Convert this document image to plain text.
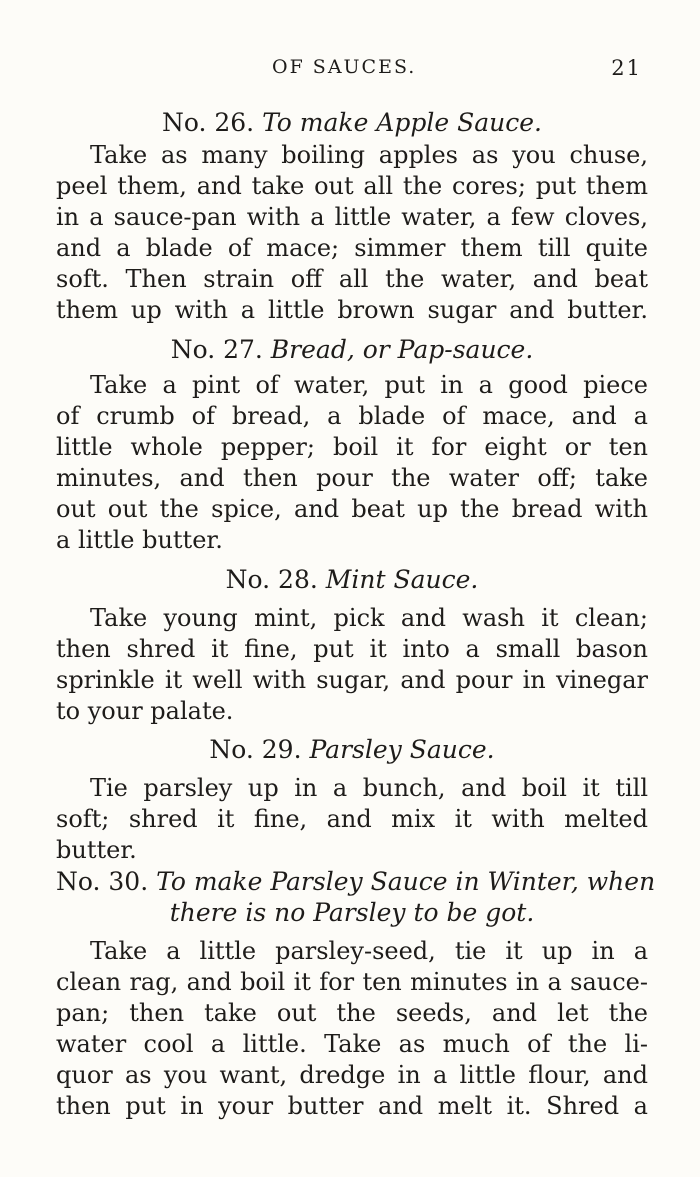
OF SAUCES.	21
No. 26. To make Apple Sauce.
Take as many boiling apples as you chuse,
peel them, and take out all the cores; put them
in a sauce-pan with a little water, a few cloves,
and a blade of mace; simmer them till quite
soft. Then strain off all the water, and beat
them up with a little brown sugar and butter.
No. 27. Bread, or Pap-sauce.
Take a pint of water, put in a good piece
of crumb of bread, a blade of mace, and a
little whole pepper; boil it for eight or ten
minutes, and then pour the water off; take
out out the spice, and beat up the bread with
a little butter.
No. 28. Mint Sauce.
Take young mint, pick and wash it clean;
then shred it fine, put it into a small bason
sprinkle it well with sugar, and pour in vinegar
to your palate.
No. 29. Parsley Sauce.
Tie parsley up in a bunch, and boil it till
soft; shred it fine, and mix it with melted
butter.
No. 30. To make Parsley Sauce in Winter, when
there is no Parsley to be got.
Take a little parsley-seed, tie it up in a
clean rag, and boil it for ten minutes in a sauce-
pan; then take out the seeds, and let the
water cool a little. Take as much of the li-
quor as you want, dredge in a little flour, and
then put in your butter and melt it. Shred a
